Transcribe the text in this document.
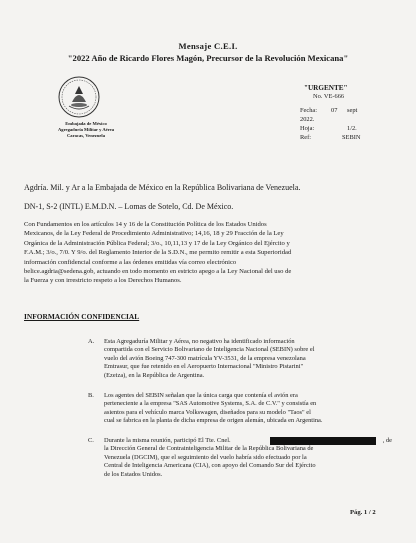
Mensaje C.E.I.
"2022 Año de Ricardo Flores Magón, Precursor de la Revolución Mexicana"
Embajada de México
Agregaduría Militar y Aérea
Caracas, Venezuela
"URGENTE"
No. VE-666
Fecha: 07 sept
2022.
Hoja:	1/2.
Ref:	SEBIN
Agdría. Mil. y Ar a la Embajada de México en la República Bolivariana de Venezuela.
DN-1, S-2 (INTL) E.M.D.N. – Lomas de Sotelo, Cd. De México.
Con Fundamentos en los artículos 14 y 16 de la Constitución Política de los Estados Unidos
Mexicanos, de la Ley Federal de Procedimiento Administrativo; 14,16, 18 y 29 Fracción de la Ley
Orgánica de la Administración Pública Federal; 3/o., 10,11,13 y 17 de la Ley Orgánico del Ejército y
F.A.M.; 3/o., 7/0. Y 9/o. del Reglamento Interior de la S.D.N., me permito remitir a esta Superioridad
información confidencial conforme a las órdenes emitidas vía correo electrónico
belice.agdria@sedena.gob, actuando en todo momento en estricto apego a la Ley Nacional del uso de
la Fuerza y con irrestricto respeto a los Derechos Humanos.
INFORMACIÓN CONFIDENCIAL
A. Esta Agregaduría Militar y Aérea, no negativo ha identificado información
compartida con el Servicio Bolivariano de Inteligencia Nacional (SEBIN) sobre el
vuelo del avión Boeing 747-300 matrícula YV-3531, de la empresa venezolana
Emtrasur, que fue retenido en el Aeropuerto Internacional "Ministro Pistarini"
(Ezeiza), en la República de Argentina.
B. Los agentes del SEBIN señalan que la única carga que contenía el avión era
perteneciente a la empresa "SAS Automotive Systems, S.A. de C.V." y consistía en
asientos para el vehículo marca Volkswagen, diseñados para su modelo "Taos" el
cual se fabrica en la planta de dicha empresa de origen alemán, ubicada en Argentina.
C. Durante la misma reunión, participó El Tte. Cnel.	, de
la Dirección General de Contrainteligencia Militar de la República Bolivariana de
Venezuela (DGCIM), que el seguimiento del vuelo habría sido efectuado por la
Central de Inteligencia Americana (CIA), con apoyo del Comando Sur del Ejército
de los Estados Unidos.
Pág. 1 / 2
